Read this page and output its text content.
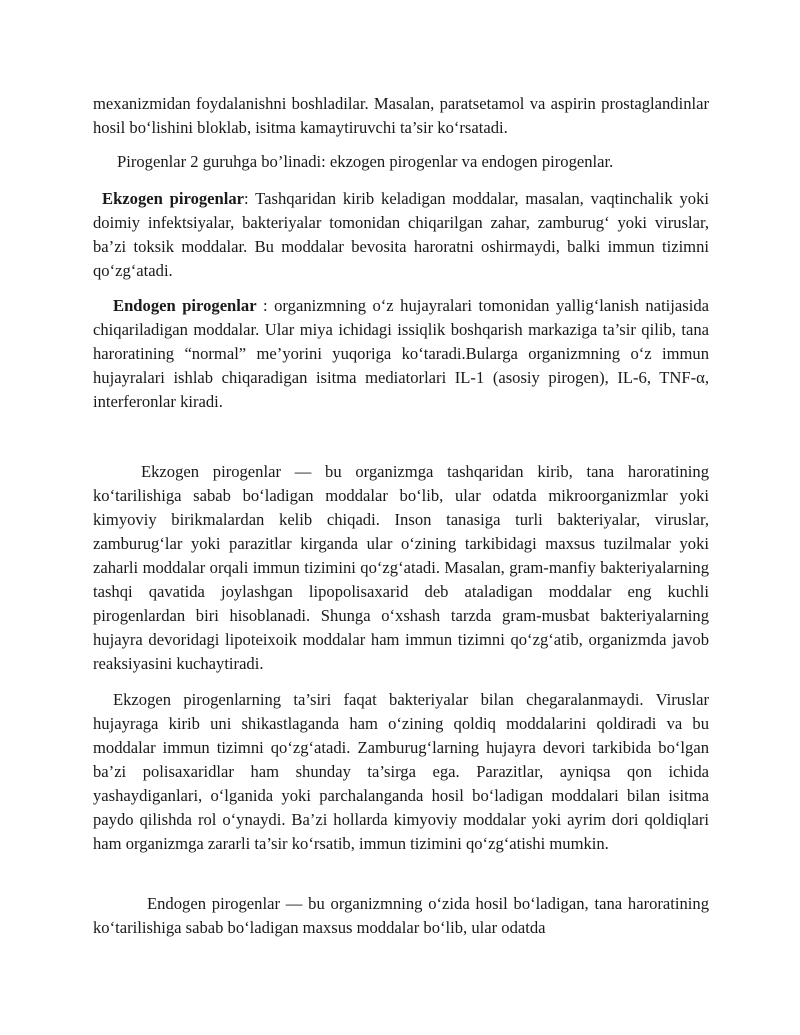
mexanizmidan foydalanishni boshladilar. Masalan, paratsetamol va aspirin prostaglandinlar hosil bo‘lishini bloklab, isitma kamaytiruvchi ta’sir ko‘rsatadi.

Pirogenlar 2 guruhga bo’linadi: ekzogen pirogenlar va endogen pirogenlar.

Ekzogen pirogenlar: Tashqaridan kirib keladigan moddalar, masalan, vaqtinchalik yoki doimiy infektsiyalar, bakteriyalar tomonidan chiqarilgan zahar, zamburug‘ yoki viruslar, ba’zi toksik moddalar. Bu moddalar bevosita haroratni oshirmaydi, balki immun tizimni qo‘zg‘atadi.

Endogen pirogenlar : organizmning o‘z hujayralari tomonidan yallig‘lanish natijasida chiqariladigan moddalar. Ular miya ichidagi issiqlik boshqarish markaziga ta’sir qilib, tana haroratining “normal” me’yorini yuqoriga ko‘taradi.Bularga organizmning o‘z immun hujayralari ishlab chiqaradigan isitma mediatorlari IL-1 (asosiy pirogen), IL-6, TNF-α, interferonlar kiradi.

Ekzogen pirogenlar — bu organizmga tashqaridan kirib, tana haroratining ko‘tarilishiga sabab bo‘ladigan moddalar bo‘lib, ular odatda mikroorganizmlar yoki kimyoviy birikmalardan kelib chiqadi. Inson tanasiga turli bakteriyalar, viruslar, zamburug‘lar yoki parazitlar kirganda ular o‘zining tarkibidagi maxsus tuzilmalar yoki zaharli moddalar orqali immun tizimini qo‘zg‘atadi. Masalan, gram-manfiy bakteriyalarning tashqi qavatida joylashgan lipopolisaxarid deb ataladigan moddalar eng kuchli pirogenlardan biri hisoblanadi. Shunga o‘xshash tarzda gram-musbat bakteriyalarning hujayra devoridagi lipoteixoik moddalar ham immun tizimni qo‘zg‘atib, organizmda javob reaksiyasini kuchaytiradi.

Ekzogen pirogenlarning ta’siri faqat bakteriyalar bilan chegaralanmaydi. Viruslar hujayraga kirib uni shikastlaganda ham o‘zining qoldiq moddalarini qoldiradi va bu moddalar immun tizimni qo‘zg‘atadi. Zamburug‘larning hujayra devori tarkibida bo‘lgan ba’zi polisaxaridlar ham shunday ta’sirga ega. Parazitlar, ayniqsa qon ichida yashaydiganlari, o‘lganida yoki parchalanganda hosil bo‘ladigan moddalari bilan isitma paydo qilishda rol o‘ynaydi. Ba’zi hollarda kimyoviy moddalar yoki ayrim dori qoldiqlari ham organizmga zararli ta’sir ko‘rsatib, immun tizimini qo‘zg‘atishi mumkin.

Endogen pirogenlar — bu organizmning o‘zida hosil bo‘ladigan, tana haroratining ko‘tarilishiga sabab bo‘ladigan maxsus moddalar bo‘lib, ular odatda
